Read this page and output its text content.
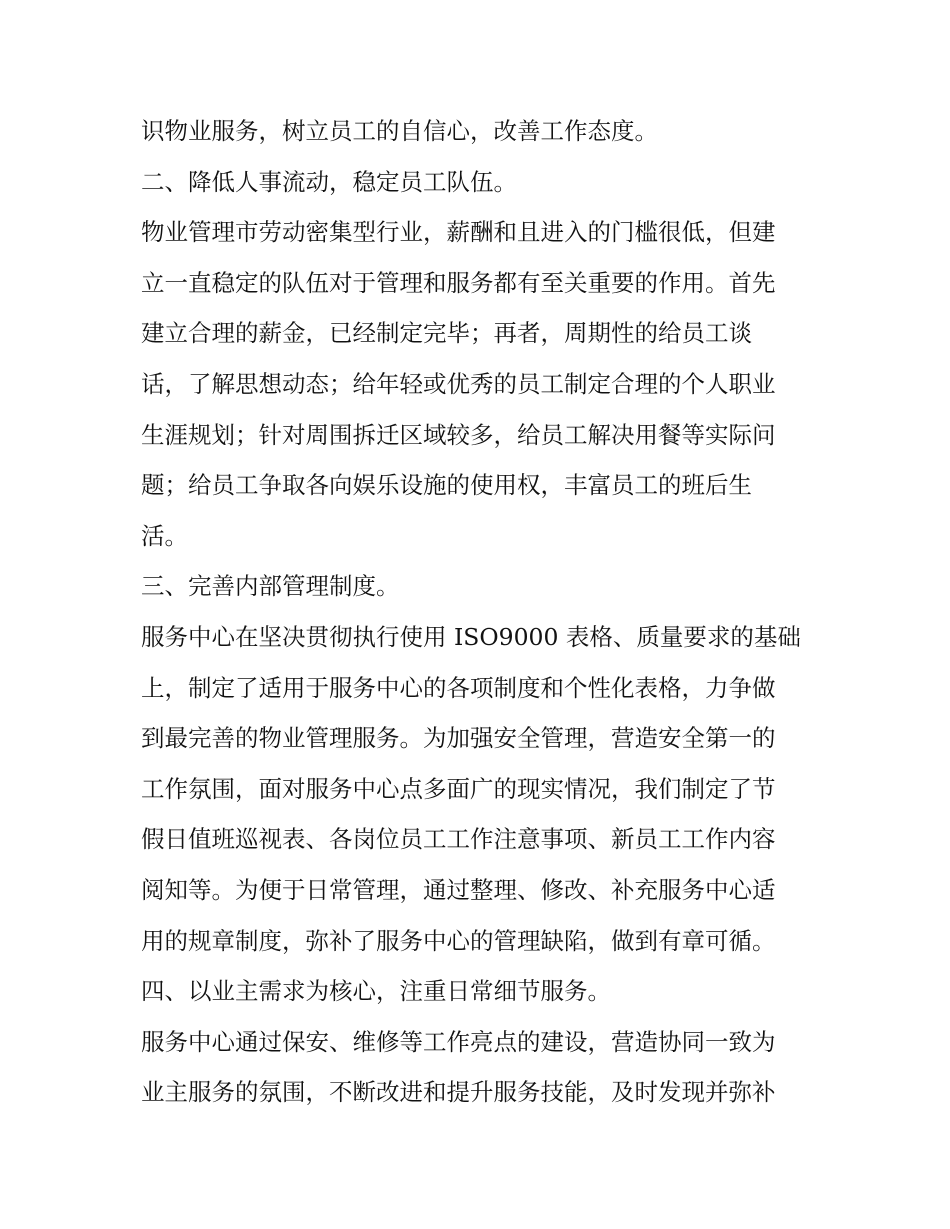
识物业服务，树立员工的自信心，改善工作态度。
二、降低人事流动，稳定员工队伍。
物业管理市劳动密集型行业，薪酬和且进入的门槛很低，但建
立一直稳定的队伍对于管理和服务都有至关重要的作用。首先
建立合理的薪金，已经制定完毕；再者，周期性的给员工谈
话，了解思想动态；给年轻或优秀的员工制定合理的个人职业
生涯规划；针对周围拆迁区域较多，给员工解决用餐等实际问
题；给员工争取各向娱乐设施的使用权，丰富员工的班后生
活。
三、完善内部管理制度。
服务中心在坚决贯彻执行使用 ISO9000 表格、质量要求的基础
上，制定了适用于服务中心的各项制度和个性化表格，力争做
到最完善的物业管理服务。为加强安全管理，营造安全第一的
工作氛围，面对服务中心点多面广的现实情况，我们制定了节
假日值班巡视表、各岗位员工工作注意事项、新员工工作内容
阅知等。为便于日常管理，通过整理、修改、补充服务中心适
用的规章制度，弥补了服务中心的管理缺陷，做到有章可循。
四、以业主需求为核心，注重日常细节服务。
服务中心通过保安、维修等工作亮点的建设，营造协同一致为
业主服务的氛围，不断改进和提升服务技能，及时发现并弥补
